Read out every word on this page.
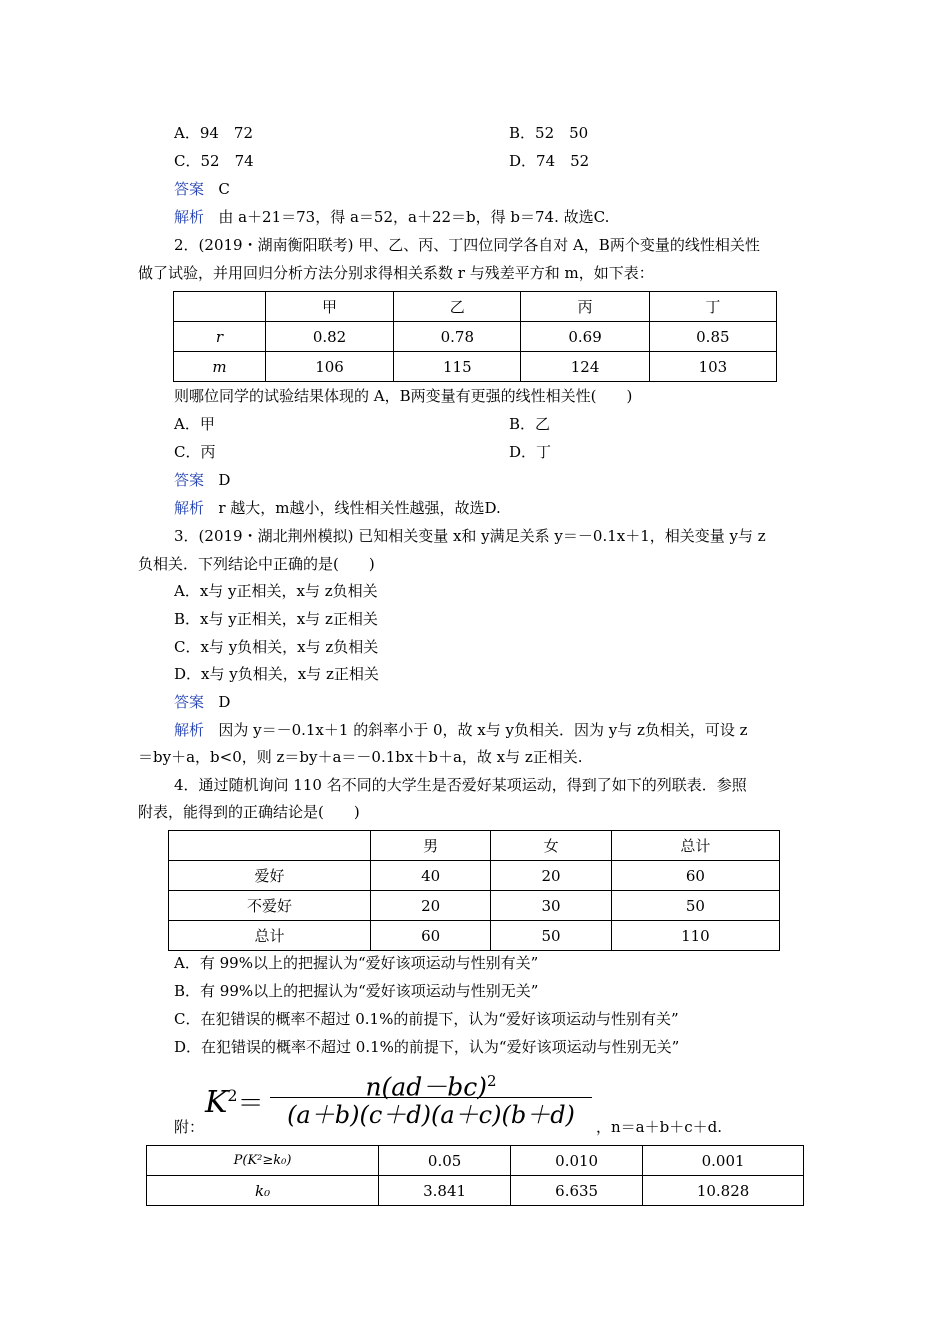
A．94　72	B．52　50
C．52　74	D．74　52
答案 C
解析 由 a＋21＝73，得 a＝52，a＋22＝b，得 b＝74. 故选C.
2．(2019・湖南衡阳联考) 甲、乙、丙、丁四位同学各自对 A，B两个变量的线性相关性
做了试验，并用回归分析方法分别求得相关系数 r 与残差平方和 m，如下表：
	甲	乙	丙	丁
r	0.82	0.78	0.69	0.85
m	106	115	124	103
则哪位同学的试验结果体现的 A，B两变量有更强的线性相关性(　　)
A．甲	B．乙
C．丙	D．丁
答案 D
解析 r 越大，m越小，线性相关性越强，故选D.
3．(2019・湖北荆州模拟) 已知相关变量 x和 y满足关系 y＝－0.1x＋1，相关变量 y与 z
负相关．下列结论中正确的是(　　)
A．x与 y正相关，x与 z负相关
B．x与 y正相关，x与 z正相关
C．x与 y负相关，x与 z负相关
D．x与 y负相关，x与 z正相关
答案 D
解析 因为 y＝－0.1x＋1 的斜率小于 0，故 x与 y负相关．因为 y与 z负相关，可设 z
＝by＋a，b<0，则 z＝by＋a＝－0.1bx＋b＋a，故 x与 z正相关.
4．通过随机询问 110 名不同的大学生是否爱好某项运动，得到了如下的列联表．参照
附表，能得到的正确结论是(　　)
	男	女	总计
爱好	40	20	60
不爱好	20	30	50
总计	60	50	110
A．有 99%以上的把握认为“爱好该项运动与性别有关”
B．有 99%以上的把握认为“爱好该项运动与性别无关”
C．在犯错误的概率不超过 0.1%的前提下，认为“爱好该项运动与性别有关”
D．在犯错误的概率不超过 0.1%的前提下，认为“爱好该项运动与性别无关”
附：
$K^2=$
$n(ad-bc)^2$
(a＋b)(c＋d)(a＋c)(b＋d)	，n＝a＋b＋c＋d.
P(K²≥k₀)	0.05	0.010	0.001
k₀	3.841	6.635	10.828
